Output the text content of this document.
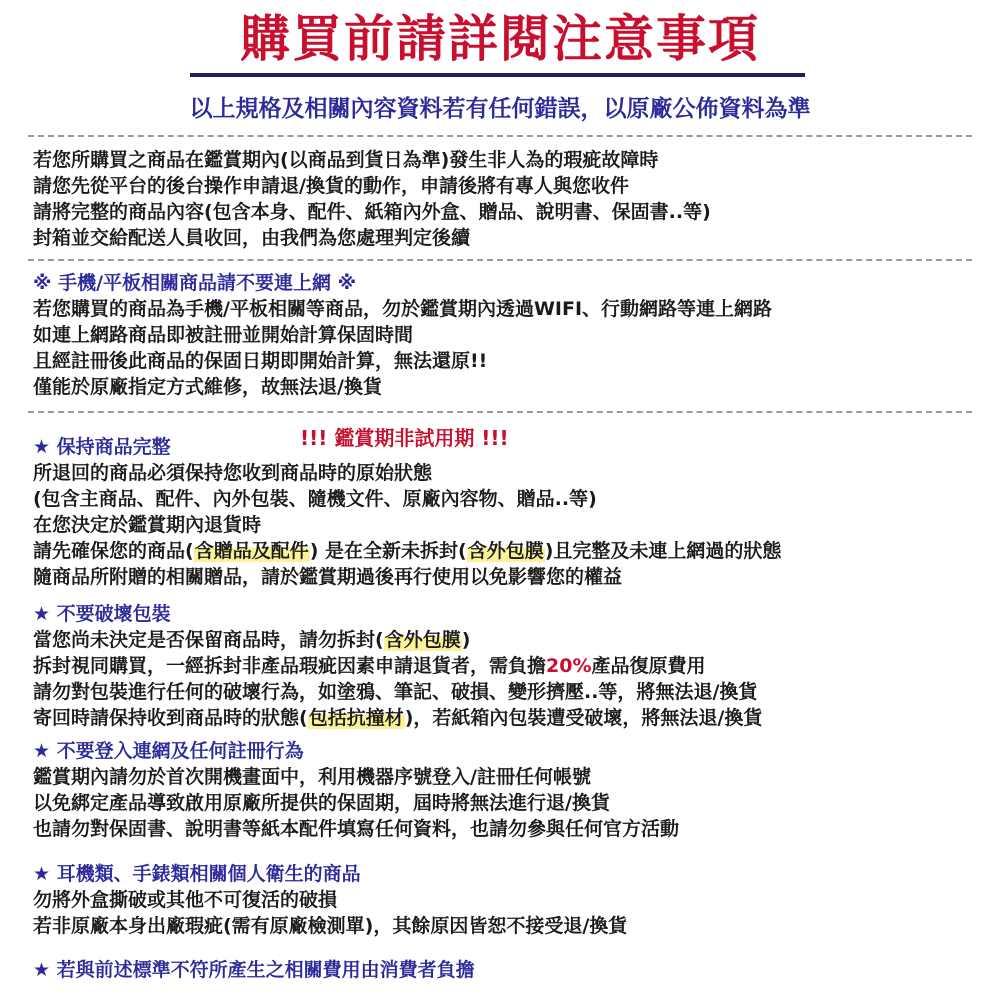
購買前請詳閱注意事項
以上規格及相關內容資料若有任何錯誤，以原廠公佈資料為準
若您所購買之商品在鑑賞期內(以商品到貨日為準)發生非人為的瑕疵故障時
請您先從平台的後台操作申請退/換貨的動作，申請後將有專人與您收件
請將完整的商品內容(包含本身、配件、紙箱內外盒、贈品、說明書、保固書..等)
封箱並交給配送人員收回，由我們為您處理判定後續
※ 手機/平板相關商品請不要連上網 ※
若您購買的商品為手機/平板相關等商品，勿於鑑賞期內透過WIFI、行動網路等連上網路
如連上網路商品即被註冊並開始計算保固時間
且經註冊後此商品的保固日期即開始計算，無法還原!!
僅能於原廠指定方式維修，故無法退/換貨
!!! 鑑賞期非試用期 !!!
★ 保持商品完整
所退回的商品必須保持您收到商品時的原始狀態
(包含主商品、配件、內外包裝、隨機文件、原廠內容物、贈品..等)
在您決定於鑑賞期內退貨時
請先確保您的商品(含贈品及配件) 是在全新未拆封(含外包膜)且完整及未連上網過的狀態
隨商品所附贈的相關贈品，請於鑑賞期過後再行使用以免影響您的權益
★ 不要破壞包裝
當您尚未決定是否保留商品時，請勿拆封(含外包膜)
拆封視同購買，一經拆封非產品瑕疵因素申請退貨者，需負擔20%產品復原費用
請勿對包裝進行任何的破壞行為，如塗鴉、筆記、破損、變形擠壓..等，將無法退/換貨
寄回時請保持收到商品時的狀態(包括抗撞材)，若紙箱內包裝遭受破壞，將無法退/換貨
★ 不要登入連網及任何註冊行為
鑑賞期內請勿於首次開機畫面中，利用機器序號登入/註冊任何帳號
以免綁定產品導致啟用原廠所提供的保固期，屆時將無法進行退/換貨
也請勿對保固書、說明書等紙本配件填寫任何資料，也請勿參與任何官方活動
★ 耳機類、手錶類相關個人衛生的商品
勿將外盒撕破或其他不可復活的破損
若非原廠本身出廠瑕疵(需有原廠檢測單)，其餘原因皆恕不接受退/換貨
★ 若與前述標準不符所產生之相關費用由消費者負擔
